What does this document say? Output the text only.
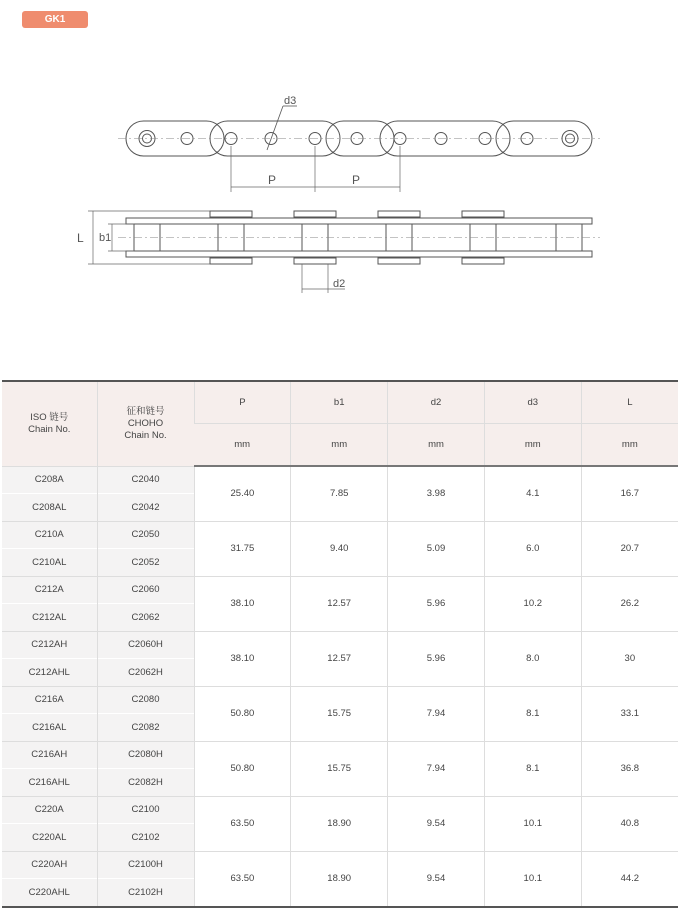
GK1
d3
P	P
L b1
d2
ISO 链号
Chain No.	征和链号
CHOHO
Chain No.	P	b1	d2	d3	L
		mm	mm	mm	mm	mm
C208A	C2040	25.40	7.85	3.98	4.1	16.7
C208AL	C2042					
C210A	C2050	31.75	9.40	5.09	6.0	20.7
C210AL	C2052					
C212A	C2060	38.10	12.57	5.96	10.2	26.2
C212AL	C2062					
C212AH	C2060H	38.10	12.57	5.96	8.0	30
C212AHL	C2062H					
C216A	C2080	50.80	15.75	7.94	8.1	33.1
C216AL	C2082					
C216AH	C2080H	50.80	15.75	7.94	8.1	36.8
C216AHL	C2082H					
C220A	C2100	63.50	18.90	9.54	10.1	40.8
C220AL	C2102					
C220AH	C2100H	63.50	18.90	9.54	10.1	44.2
C220AHL	C2102H					
